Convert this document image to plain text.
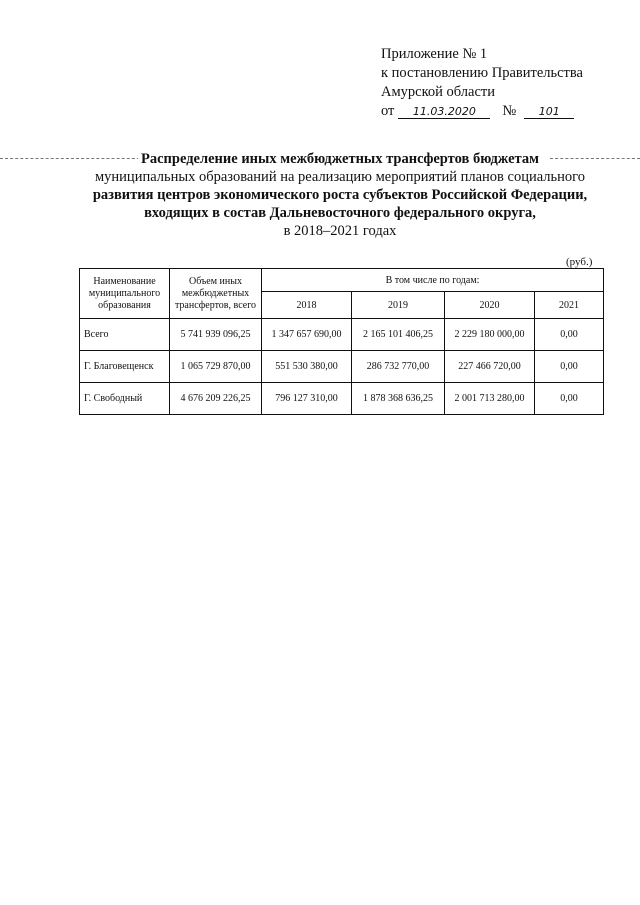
Приложение № 1
к постановлению Правительства
Амурской области
от 11.03.2020 № 101
Распределение иных межбюджетных трансфертов бюджетам
муниципальных образований на реализацию мероприятий планов социального
развития центров экономического роста субъектов Российской Федерации,
входящих в состав Дальневосточного федерального округа,
в 2018–2021 годах
(руб.)
Наименование муниципального образования	Объем иных межбюджетных трансфертов, всего	В том числе по годам:			
		2018	2019	2020	2021
Всего	5 741 939 096,25	1 347 657 690,00	2 165 101 406,25	2 229 180 000,00	0,00
Г. Благовещенск	1 065 729 870,00	551 530 380,00	286 732 770,00	227 466 720,00	0,00
Г. Свободный	4 676 209 226,25	796 127 310,00	1 878 368 636,25	2 001 713 280,00	0,00
